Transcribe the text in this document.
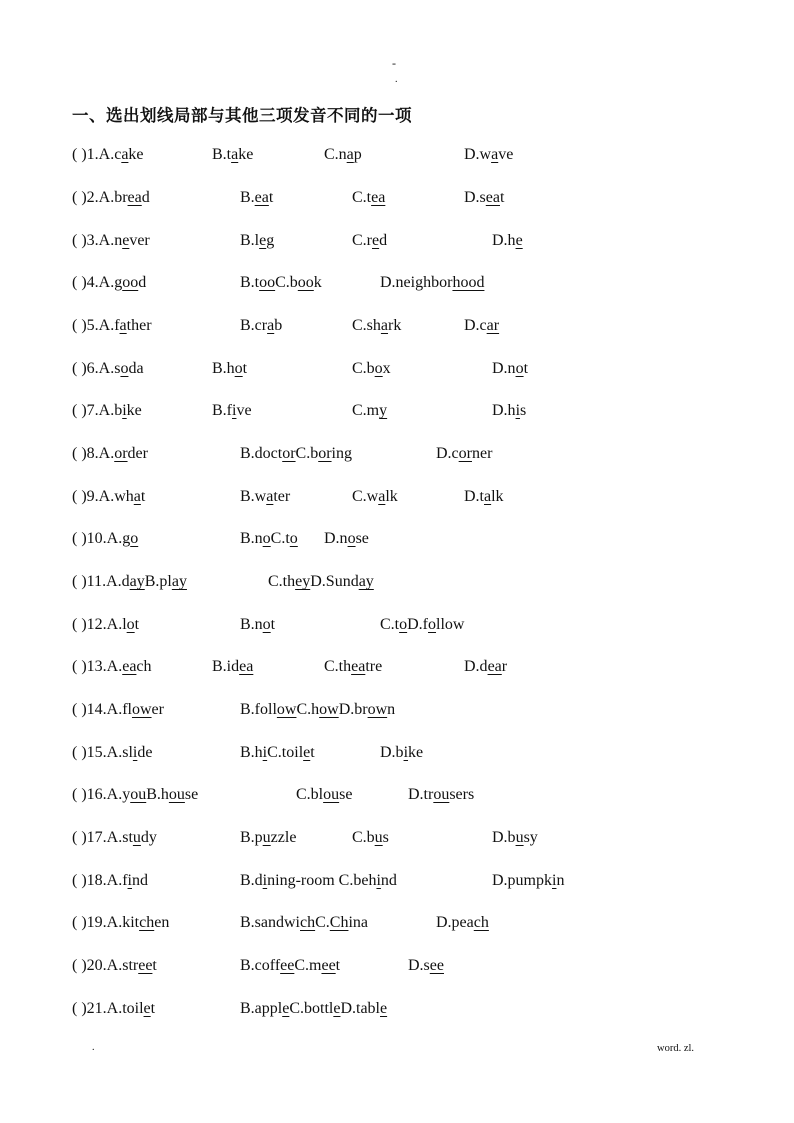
-
.
一、选出划线局部与其他三项发音不同的一项
( )1.A.cake	B.take	C.nap	D.wave
( )2.A.bread	B.eat	C.tea	D.seat
( )3.A.never	B.leg	C.red	D.he
( )4.A.good	B.tooC.book	D.neighborhood
( )5.A.father	B.crab	C.shark	D.car
( )6.A.soda	B.hot	C.box	D.not
( )7.A.bike	B.five	C.my	D.his
( )8.A.order	B.doctorC.boring	D.corner
( )9.A.what	B.water	C.walk	D.talk
( )10.A.go	B.noC.to D.nose
( )11.A.dayB.play	C.theyD.Sunday
( )12.A.lot	B.not	C.toD.follow
( )13.A.each	B.idea	C.theatre	D.dear
( )14.A.flower	B.followC.howD.brown
( )15.A.slide	B.hiC.toilet	D.bike
( )16.A.youB.house	C.blouse	D.trousers
( )17.A.study	B.puzzle	C.bus	D.busy
( )18.A.find	B.dining-room C.behind	D.pumpkin
( )19.A.kitchen	B.sandwichC.China	D.peach
( )20.A.street	B.coffeeC.meet	D.see
( )21.A.toilet	B.appleC.bottleD.table
.	word. zl.
